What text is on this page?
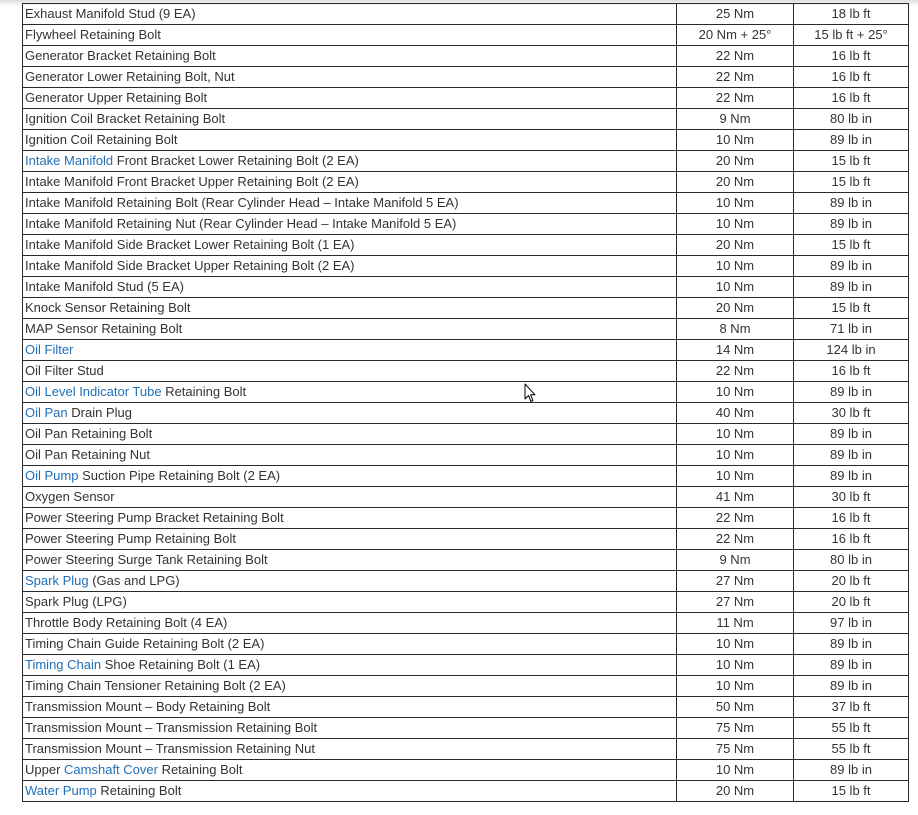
Exhaust Manifold Stud (9 EA)	25 Nm	18 lb ft
Flywheel Retaining Bolt	20 Nm + 25°	15 lb ft + 25°
Generator Bracket Retaining Bolt	22 Nm	16 lb ft
Generator Lower Retaining Bolt, Nut	22 Nm	16 lb ft
Generator Upper Retaining Bolt	22 Nm	16 lb ft
Ignition Coil Bracket Retaining Bolt	9 Nm	80 lb in
Ignition Coil Retaining Bolt	10 Nm	89 lb in
Intake Manifold Front Bracket Lower Retaining Bolt (2 EA)	20 Nm	15 lb ft
Intake Manifold Front Bracket Upper Retaining Bolt (2 EA)	20 Nm	15 lb ft
Intake Manifold Retaining Bolt (Rear Cylinder Head – Intake Manifold 5 EA)	10 Nm	89 lb in
Intake Manifold Retaining Nut (Rear Cylinder Head – Intake Manifold 5 EA)	10 Nm	89 lb in
Intake Manifold Side Bracket Lower Retaining Bolt (1 EA)	20 Nm	15 lb ft
Intake Manifold Side Bracket Upper Retaining Bolt (2 EA)	10 Nm	89 lb in
Intake Manifold Stud (5 EA)	10 Nm	89 lb in
Knock Sensor Retaining Bolt	20 Nm	15 lb ft
MAP Sensor Retaining Bolt	8 Nm	71 lb in
Oil Filter	14 Nm	124 lb in
Oil Filter Stud	22 Nm	16 lb ft
Oil Level Indicator Tube Retaining Bolt	10 Nm	89 lb in
Oil Pan Drain Plug	40 Nm	30 lb ft
Oil Pan Retaining Bolt	10 Nm	89 lb in
Oil Pan Retaining Nut	10 Nm	89 lb in
Oil Pump Suction Pipe Retaining Bolt (2 EA)	10 Nm	89 lb in
Oxygen Sensor	41 Nm	30 lb ft
Power Steering Pump Bracket Retaining Bolt	22 Nm	16 lb ft
Power Steering Pump Retaining Bolt	22 Nm	16 lb ft
Power Steering Surge Tank Retaining Bolt	9 Nm	80 lb in
Spark Plug (Gas and LPG)	27 Nm	20 lb ft
Spark Plug (LPG)	27 Nm	20 lb ft
Throttle Body Retaining Bolt (4 EA)	11 Nm	97 lb in
Timing Chain Guide Retaining Bolt (2 EA)	10 Nm	89 lb in
Timing Chain Shoe Retaining Bolt (1 EA)	10 Nm	89 lb in
Timing Chain Tensioner Retaining Bolt (2 EA)	10 Nm	89 lb in
Transmission Mount – Body Retaining Bolt	50 Nm	37 lb ft
Transmission Mount – Transmission Retaining Bolt	75 Nm	55 lb ft
Transmission Mount – Transmission Retaining Nut	75 Nm	55 lb ft
Upper Camshaft Cover Retaining Bolt	10 Nm	89 lb in
Water Pump Retaining Bolt	20 Nm	15 lb ft
